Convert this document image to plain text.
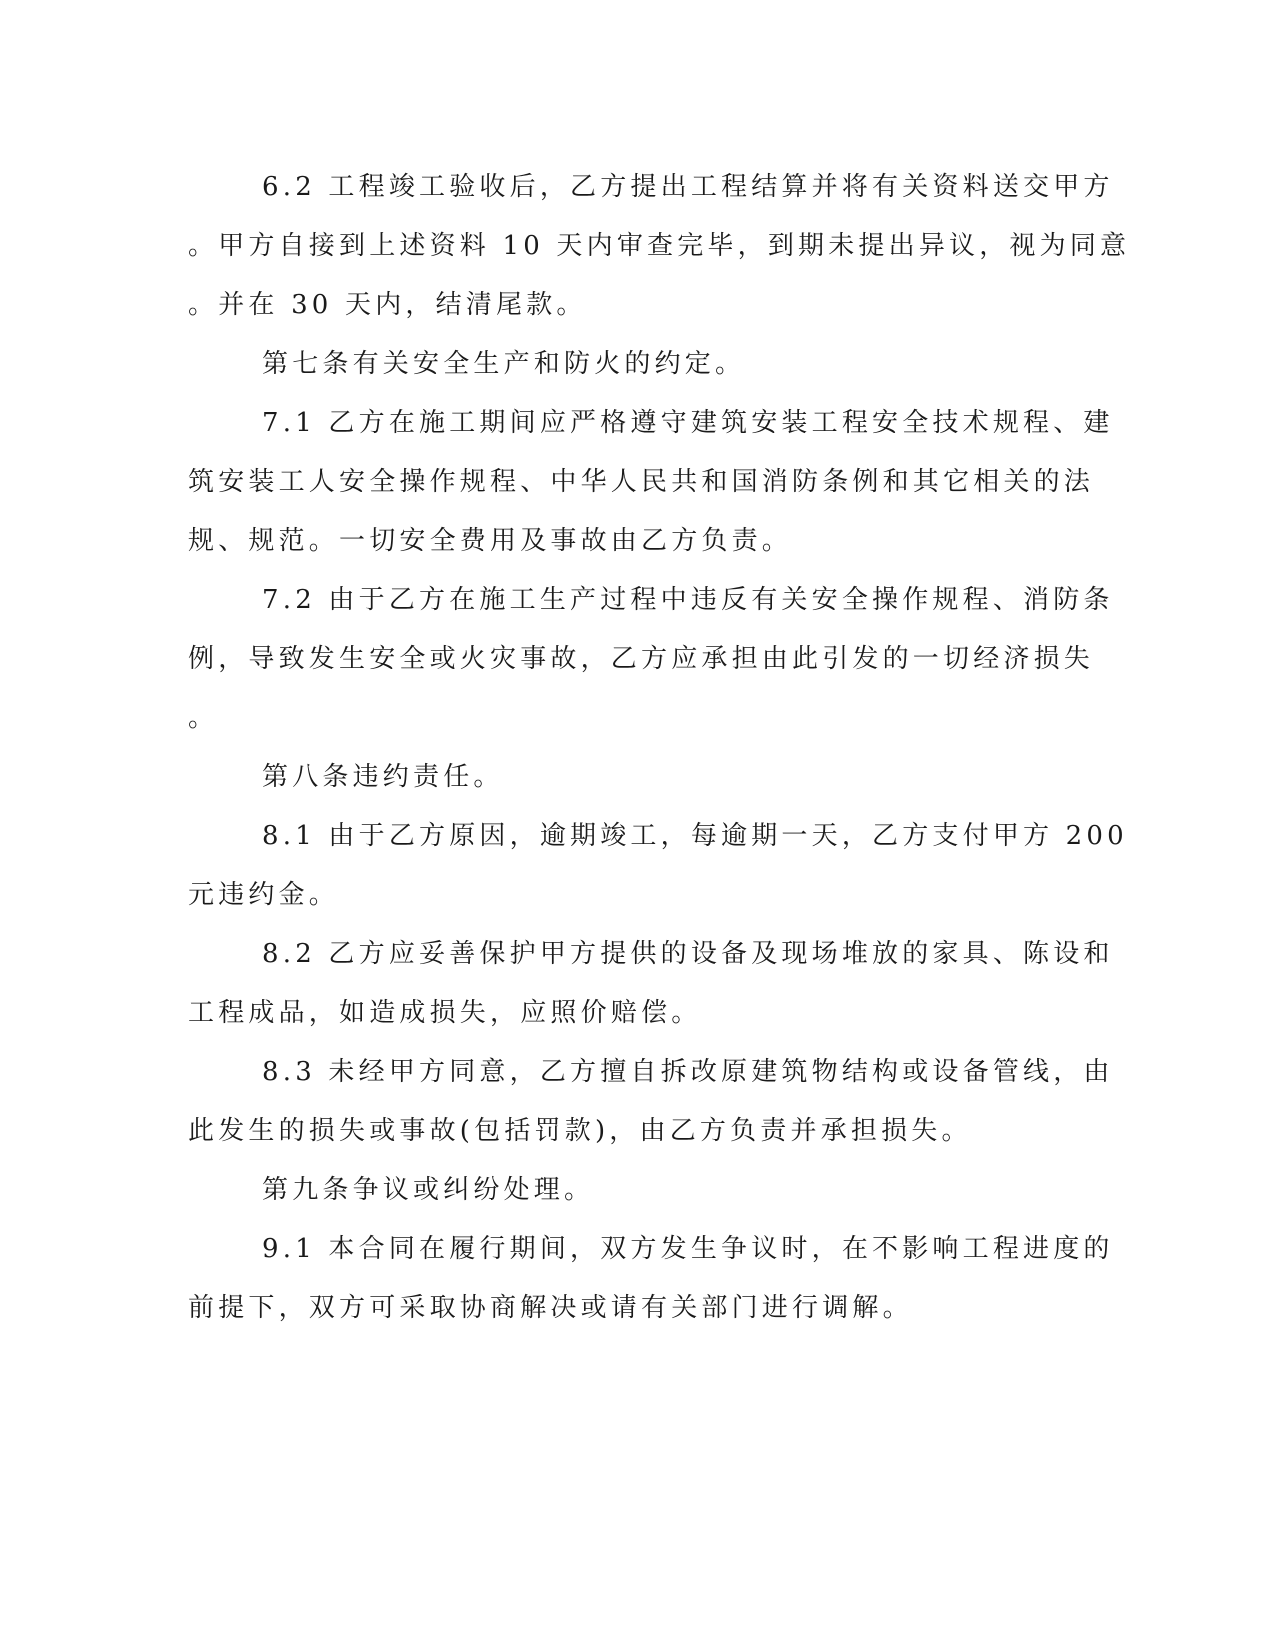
6.2 工程竣工验收后，乙方提出工程结算并将有关资料送交甲方
。甲方自接到上述资料 10 天内审查完毕，到期未提出异议，视为同意
。并在 30 天内，结清尾款。
第七条有关安全生产和防火的约定。
7.1 乙方在施工期间应严格遵守建筑安装工程安全技术规程、建
筑安装工人安全操作规程、中华人民共和国消防条例和其它相关的法
规、规范。一切安全费用及事故由乙方负责。
7.2 由于乙方在施工生产过程中违反有关安全操作规程、消防条
例，导致发生安全或火灾事故，乙方应承担由此引发的一切经济损失
。
第八条违约责任。
8.1 由于乙方原因，逾期竣工，每逾期一天，乙方支付甲方 200
元违约金。
8.2 乙方应妥善保护甲方提供的设备及现场堆放的家具、陈设和
工程成品，如造成损失，应照价赔偿。
8.3 未经甲方同意，乙方擅自拆改原建筑物结构或设备管线，由
此发生的损失或事故(包括罚款)，由乙方负责并承担损失。
第九条争议或纠纷处理。
9.1 本合同在履行期间，双方发生争议时，在不影响工程进度的
前提下，双方可采取协商解决或请有关部门进行调解。
